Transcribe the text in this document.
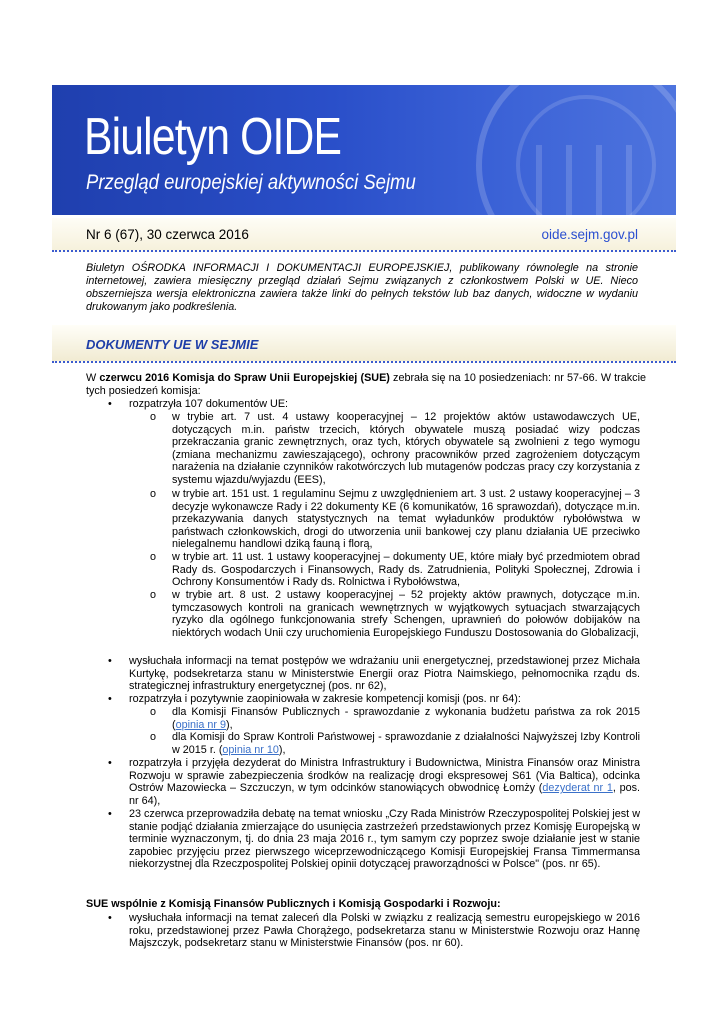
Biuletyn OIDE
Przegląd europejskiej aktywności Sejmu
Nr 6 (67), 30 czerwca 2016	oide.sejm.gov.pl
Biuletyn OŚRODKA INFORMACJI I DOKUMENTACJI EUROPEJSKIEJ, publikowany równolegle na stronie internetowej, zawiera miesięczny przegląd działań Sejmu związanych z członkostwem Polski w UE. Nieco obszerniejsza wersja elektroniczna zawiera także linki do pełnych tekstów lub baz danych, widoczne w wydaniu drukowanym jako podkreślenia.
DOKUMENTY UE W SEJMIE
W czerwcu 2016 Komisja do Spraw Unii Europejskiej (SUE) zebrała się na 10 posiedzeniach: nr 57-66. W trakcie tych posiedzeń komisja:
• rozpatrzyła 107 dokumentów UE:
o w trybie art. 7 ust. 4 ustawy kooperacyjnej – 12 projektów aktów ustawodawczych UE, dotyczących m.in. państw trzecich, których obywatele muszą posiadać wizy podczas przekraczania granic zewnętrznych, oraz tych, których obywatele są zwolnieni z tego wymogu (zmiana mechanizmu zawieszającego), ochrony pracowników przed zagrożeniem dotyczącym narażenia na działanie czynników rakotwórczych lub mutagenów podczas pracy czy korzystania z systemu wjazdu/wyjazdu (EES),
o w trybie art. 151 ust. 1 regulaminu Sejmu z uwzględnieniem art. 3 ust. 2 ustawy kooperacyjnej – 3 decyzje wykonawcze Rady i 22 dokumenty KE (6 komunikatów, 16 sprawozdań), dotyczące m.in. przekazywania danych statystycznych na temat wyładunków produktów rybołówstwa w państwach członkowskich, drogi do utworzenia unii bankowej czy planu działania UE przeciwko nielegalnemu handlowi dziką fauną i florą,
o w trybie art. 11 ust. 1 ustawy kooperacyjnej – dokumenty UE, które miały być przedmiotem obrad Rady ds. Gospodarczych i Finansowych, Rady ds. Zatrudnienia, Polityki Społecznej, Zdrowia i Ochrony Konsumentów i Rady ds. Rolnictwa i Rybołówstwa,
o w trybie art. 8 ust. 2 ustawy kooperacyjnej – 52 projekty aktów prawnych, dotyczące m.in. tymczasowych kontroli na granicach wewnętrznych w wyjątkowych sytuacjach stwarzających ryzyko dla ogólnego funkcjonowania strefy Schengen, uprawnień do połowów dobijaków na niektórych wodach Unii czy uruchomienia Europejskiego Funduszu Dostosowania do Globalizacji,
• wysłuchała informacji na temat postępów we wdrażaniu unii energetycznej, przedstawionej przez Michała Kurtykę, podsekretarza stanu w Ministerstwie Energii oraz Piotra Naimskiego, pełnomocnika rządu ds. strategicznej infrastruktury energetycznej (pos. nr 62),
• rozpatrzyła i pozytywnie zaopiniowała w zakresie kompetencji komisji (pos. nr 64):
o dla Komisji Finansów Publicznych - sprawozdanie z wykonania budżetu państwa za rok 2015 (opinia nr 9),
o dla Komisji do Spraw Kontroli Państwowej - sprawozdanie z działalności Najwyższej Izby Kontroli w 2015 r. (opinia nr 10),
• rozpatrzyła i przyjęła dezyderat do Ministra Infrastruktury i Budownictwa, Ministra Finansów oraz Ministra Rozwoju w sprawie zabezpieczenia środków na realizację drogi ekspresowej S61 (Via Baltica), odcinka Ostrów Mazowiecka – Szczuczyn, w tym odcinków stanowiących obwodnicę Łomży (dezyderat nr 1, pos. nr 64),
• 23 czerwca przeprowadziła debatę na temat wniosku „Czy Rada Ministrów Rzeczypospolitej Polskiej jest w stanie podjąć działania zmierzające do usunięcia zastrzeżeń przedstawionych przez Komisję Europejską w terminie wyznaczonym, tj. do dnia 23 maja 2016 r., tym samym czy poprzez swoje działanie jest w stanie zapobiec przyjęciu przez pierwszego wiceprzewodniczącego Komisji Europejskiej Fransa Timmermansa niekorzystnej dla Rzeczpospolitej Polskiej opinii dotyczącej praworządności w Polsce" (pos. nr 65).
SUE wspólnie z Komisją Finansów Publicznych i Komisją Gospodarki i Rozwoju:
• wysłuchała informacji na temat zaleceń dla Polski w związku z realizacją semestru europejskiego w 2016 roku, przedstawionej przez Pawła Chorążego, podsekretarza stanu w Ministerstwie Rozwoju oraz Hannę Majszczyk, podsekretarz stanu w Ministerstwie Finansów (pos. nr 60).
